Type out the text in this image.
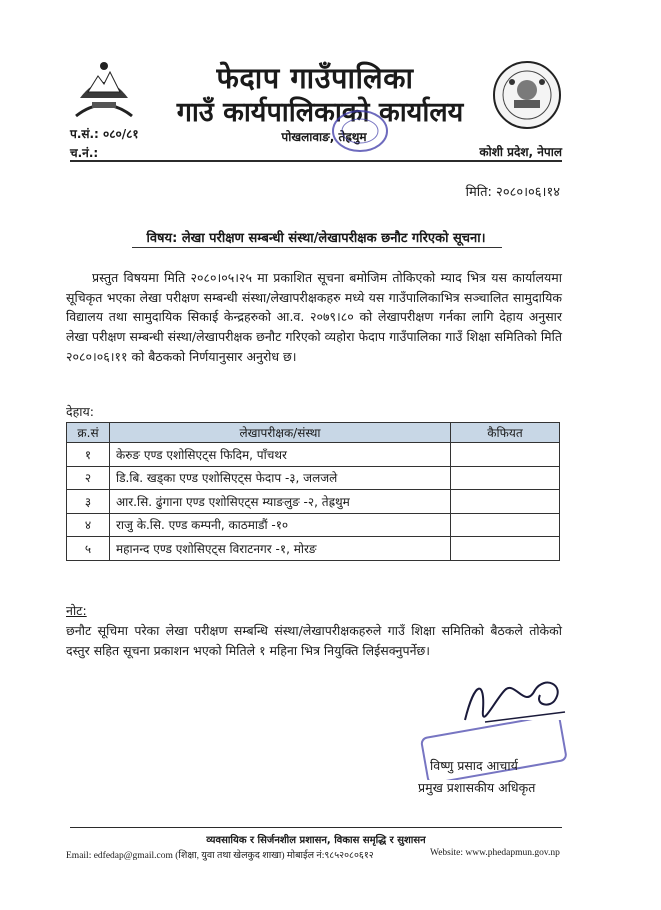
फेदाप गाउँपालिका
गाउँ कार्यपालिकाको कार्यालय
पोखलावाङ, तेह्रथुम
प.सं.: ०८०/८१
च.नं.:	कोशी प्रदेश, नेपाल
मिति: २०८०।०६।१४
विषय: लेखा परीक्षण सम्बन्धी संस्था/लेखापरीक्षक छनौट गरिएको सूचना।
प्रस्तुत विषयमा मिति २०८०।०५।२५ मा प्रकाशित सूचना बमोजिम तोकिएको म्याद भित्र यस कार्यालयमा सूचिकृत भएका लेखा परीक्षण सम्बन्धी संस्था/लेखापरीक्षकहरु मध्ये यस गाउँपालिकाभित्र सञ्चालित सामुदायिक विद्यालय तथा सामुदायिक सिकाई केन्द्रहरुको आ.व. २०७९।८० को लेखापरीक्षण गर्नका लागि देहाय अनुसार लेखा परीक्षण सम्बन्धी संस्था/लेखापरीक्षक छनौट गरिएको व्यहोरा फेदाप गाउँपालिका गाउँ शिक्षा समितिको मिति २०८०।०६।११ को बैठकको निर्णयानुसार अनुरोध छ।
देहाय:
क्र.सं	लेखापरीक्षक/संस्था	कैफियत
१	केरुङ एण्ड एशोसिएट्स फिदिम, पाँचथर	
२	डि.बि. खड्का एण्ड एशोसिएट्स फेदाप -३, जलजले	
३	आर.सि. ढुंगाना एण्ड एशोसिएट्स म्याङलुङ -२, तेह्रथुम	
४	राजु के.सि. एण्ड कम्पनी, काठमाडौं -१०	
५	महानन्द एण्ड एशोसिएट्स विराटनगर -१, मोरङ	
नोट:
छनौट सूचिमा परेका लेखा परीक्षण सम्बन्धि संस्था/लेखापरीक्षकहरुले गाउँ शिक्षा समितिको बैठकले तोकेको दस्तुर सहित सूचना प्रकाशन भएको मितिले १ महिना भित्र नियुक्ति लिईसक्नुपर्नेछ।
विष्णु प्रसाद आचार्य
प्रमुख प्रशासकीय अधिकृत
व्यवसायिक र सिर्जनशील प्रशासन, विकास समृद्धि र सुशासन
Email: edfedap@gmail.com (शिक्षा, युवा तथा खेलकुद शाखा) मोबाईल नं:९८५२०८०६१२	Website: www.phedapmun.gov.np
